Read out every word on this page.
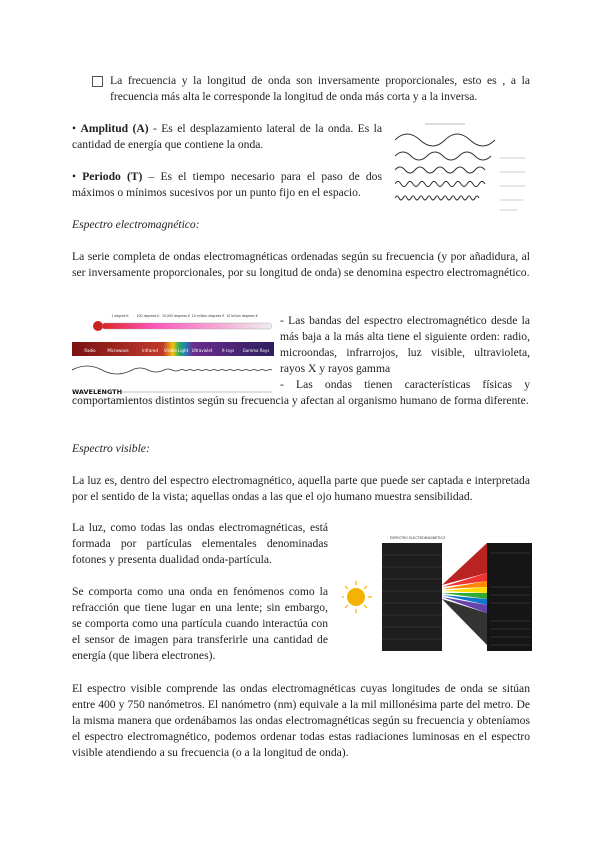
La frecuencia y la longitud de onda son inversamente proporcionales, esto es , a la frecuencia más alta le corresponde la longitud de onda más corta y a la inversa.
• Amplitud (A) - Es el desplazamiento lateral de la onda. Es la cantidad de energía que contiene la onda.
• Periodo (T) – Es el tiempo necesario para el paso de dos máximos o mínimos sucesivos por un punto fijo en el espacio.
Espectro electromagnético:
La serie completa de ondas electromagnéticas ordenadas según su frecuencia (y por añadidura, al ser inversamente proporcionales, por su longitud de onda) se denomina espectro electromagnético.
1 degree K 100 degrees K 10,000 degrees K 10 million degrees K 10 billion degrees K
Radio	Microwave	Infrared Visible Light Ultraviolet X-rays Gamma Rays
WAVELENGTH
- Las bandas del espectro electromagnético desde la más baja a la más alta tiene el siguiente orden: radio, microondas, infrarrojos, luz visible, ultravioleta, rayos X y rayos gamma
- Las ondas tienen características físicas y comportamientos distintos según su frecuencia y afectan al organismo humano de forma diferente.
Espectro visible:
La luz es, dentro del espectro electromagnético, aquella parte que puede ser captada e interpretada por el sentido de la vista; aquellas ondas a las que el ojo humano muestra sensibilidad.
La luz, como todas las ondas electromagnéticas, está formada por partículas elementales denominadas fotones y presenta dualidad onda-partícula.
Se comporta como una onda en fenómenos como la refracción que tiene lugar en una lente; sin embargo, se comporta como una partícula cuando interactúa con el sensor de imagen para transferirle una cantidad de energía (que libera electrones).
ESPECTRO ELECTROMAGNÉTICO
El espectro visible comprende las ondas electromagnéticas cuyas longitudes de onda se sitúan entre 400 y 750 nanómetros. El nanómetro (nm) equivale a la mil millonésima parte del metro. De la misma manera que ordenábamos las ondas electromagnéticas según su frecuencia y obteníamos el espectro electromagnético, podemos ordenar todas estas radiaciones luminosas en el espectro visible atendiendo a su frecuencia (o a la longitud de onda).
